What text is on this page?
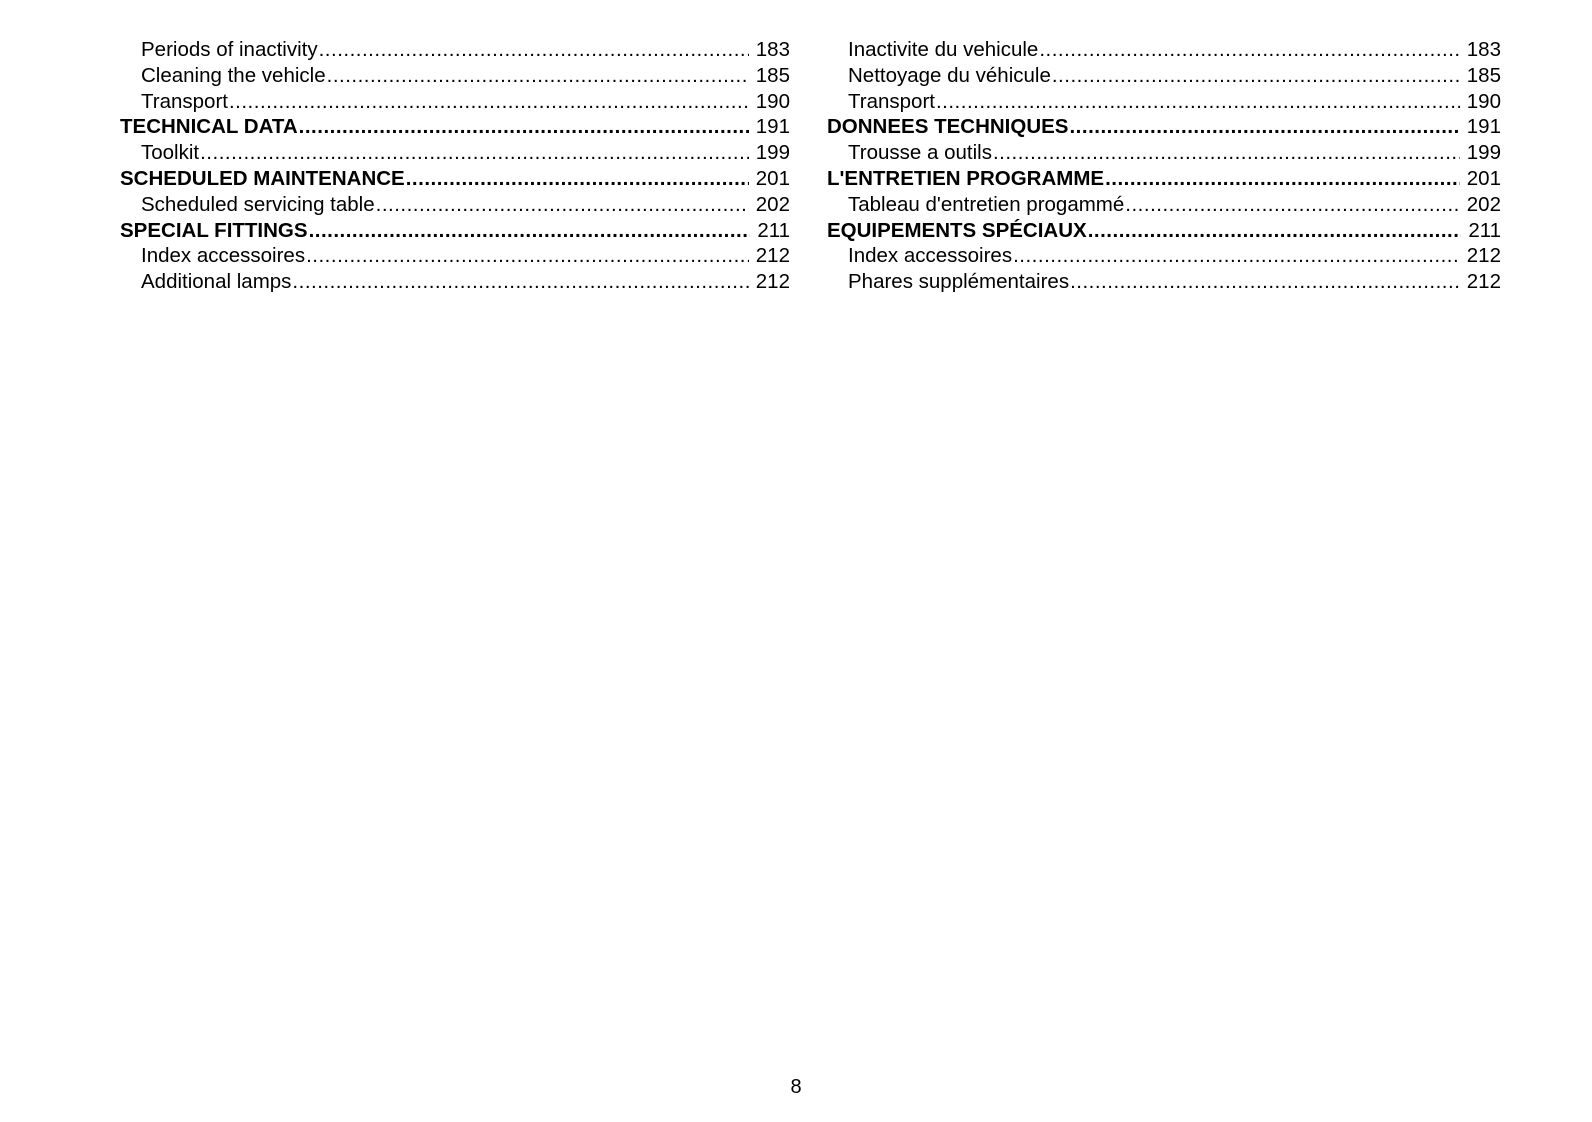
Periods of inactivity .....	183
Cleaning the vehicle .....	185
Transport .....	190
TECHNICAL DATA .....	191
Toolkit .....	199
SCHEDULED MAINTENANCE .....	201
Scheduled servicing table .....	202
SPECIAL FITTINGS .....	211
Index accessoires .....	212
Additional lamps .....	212
Inactivite du vehicule .....	183
Nettoyage du véhicule .....	185
Transport .....	190
DONNEES TECHNIQUES .....	191
Trousse a outils .....	199
L'ENTRETIEN PROGRAMME .....	201
Tableau d'entretien progammé .....	202
EQUIPEMENTS SPÉCIAUX .....	211
Index accessoires .....	212
Phares supplémentaires .....	212
8
